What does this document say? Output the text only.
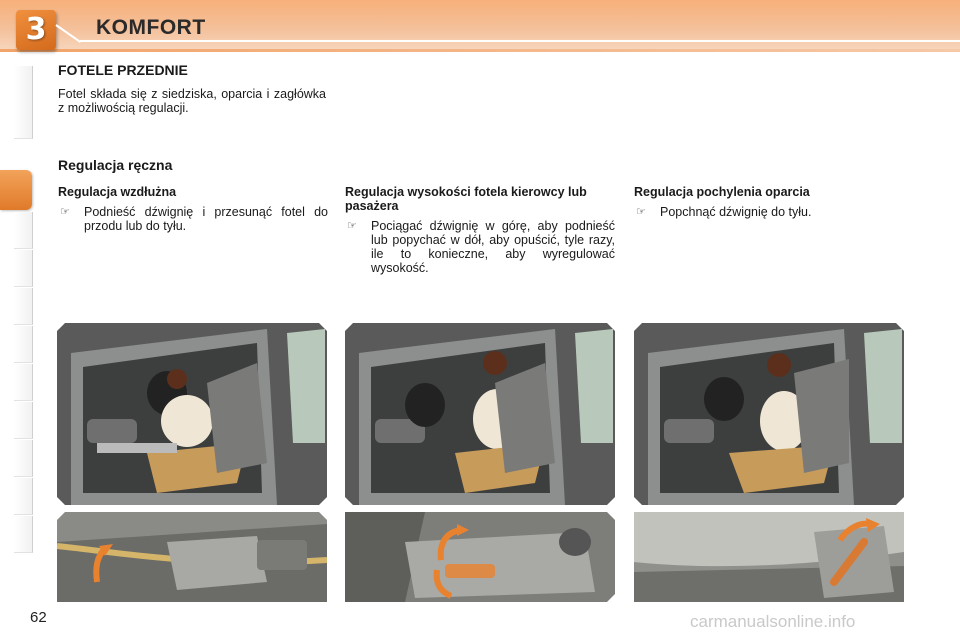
3	KOMFORT
FOTELE PRZEDNIE
Fotel składa się z siedziska, oparcia i zagłówka z możliwością regulacji.
Regulacja ręczna
Regulacja wzdłużna
☞	Podnieść dźwignię i przesunąć fotel do przodu lub do tyłu.
Regulacja wysokości fotela kierowcy lub pasażera
☞	Pociągać dźwignię w górę, aby podnieść lub popychać w dół, aby opuścić, tyle razy, ile to konieczne, aby wyregulować wysokość.
Regulacja pochylenia oparcia
☞	Popchnąć dźwignię do tyłu.
62	carmanualsonline.info
